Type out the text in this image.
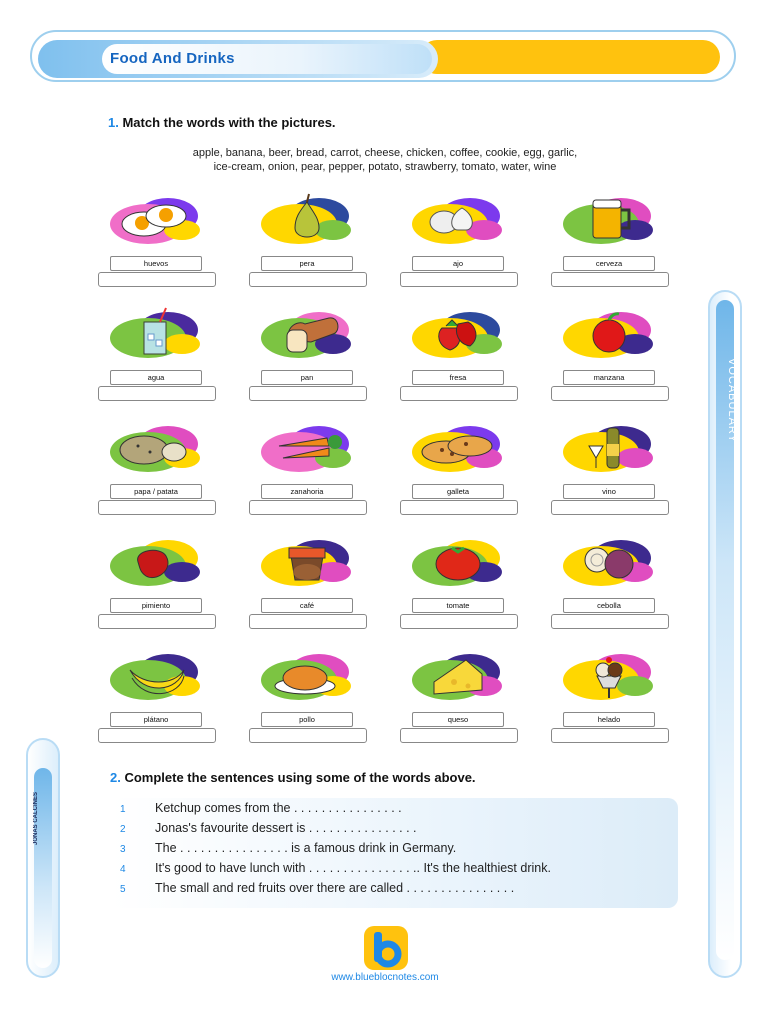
Food And Drinks
VOCABULARY
JONAS CALCINES
1. Match the words with the pictures.
apple, banana, beer, bread, carrot, cheese, chicken, coffee, cookie, egg, garlic,
ice-cream, onion, pear, pepper, potato, strawberry, tomato, water, wine
huevos	pera	ajo	cerveza
agua	pan	fresa	manzana
papa / patata	zanahoria	galleta	vino
pimiento	café	tomate	cebolla
plátano	pollo	queso	helado
2. Complete the sentences using some of the words above.
1 Ketchup comes from the . . . . . . . . . . . . . . . .
2 Jonas's favourite dessert is . . . . . . . . . . . . . . . .
3 The . . . . . . . . . . . . . . . . is a famous drink in Germany.
4 It's good to have lunch with . . . . . . . . . . . . . . . .. It's the healthiest drink.
5 The small and red fruits over there are called . . . . . . . . . . . . . . . .
www.blueblocnotes.com
